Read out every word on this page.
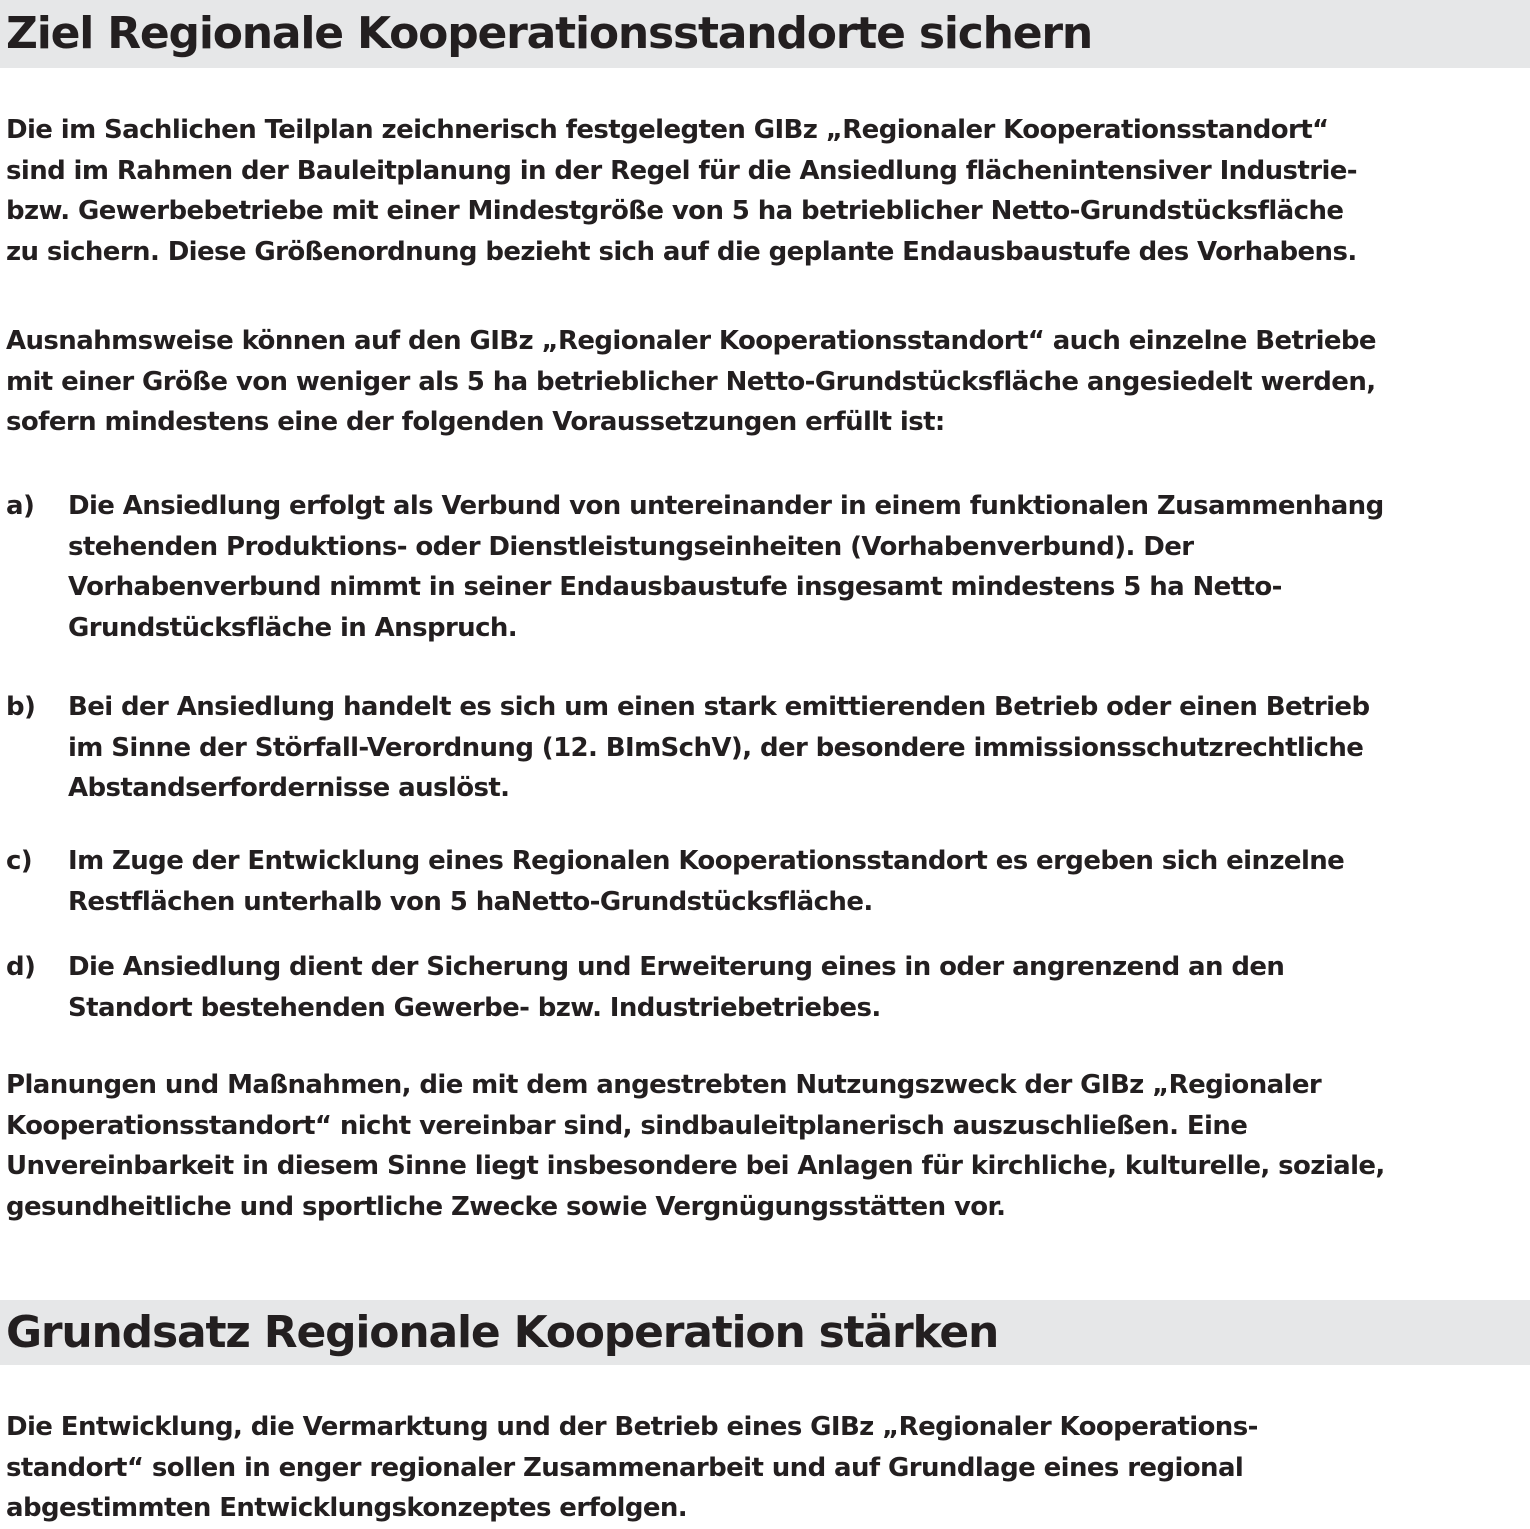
Ziel Regionale Kooperationsstandorte sichern

Die im Sachlichen Teilplan zeichnerisch festgelegten GIBz „Regionaler Kooperationsstandort“
sind im Rahmen der Bauleitplanung in der Regel für die Ansiedlung flächenintensiver Industrie-
bzw. Gewerbebetriebe mit einer Mindestgröße von 5 ha betrieblicher Netto-Grundstücksfläche
zu sichern. Diese Größenordnung bezieht sich auf die geplante Endausbaustufe des Vorhabens.

Ausnahmsweise können auf den GIBz „Regionaler Kooperationsstandort“ auch einzelne Betriebe
mit einer Größe von weniger als 5 ha betrieblicher Netto-Grundstücksfläche angesiedelt werden,
sofern mindestens eine der folgenden Voraussetzungen erfüllt ist:

a) Die Ansiedlung erfolgt als Verbund von untereinander in einem funktionalen Zusammenhang
stehenden Produktions- oder Dienstleistungseinheiten (Vorhabenverbund). Der
Vorhabenverbund nimmt in seiner Endausbaustufe insgesamt mindestens 5 ha Netto-
Grundstücksfläche in Anspruch.
b) Bei der Ansiedlung handelt es sich um einen stark emittierenden Betrieb oder einen Betrieb
im Sinne der Störfall-Verordnung (12. BImSchV), der besondere immissionsschutzrechtliche
Abstandserfordernisse auslöst.
c) Im Zuge der Entwicklung eines Regionalen Kooperationsstandort es ergeben sich einzelne
Restflächen unterhalb von 5 haNetto-Grundstücksfläche.
d) Die Ansiedlung dient der Sicherung und Erweiterung eines in oder angrenzend an den
Standort bestehenden Gewerbe- bzw. Industriebetriebes.

Planungen und Maßnahmen, die mit dem angestrebten Nutzungszweck der GIBz „Regionaler
Kooperationsstandort“ nicht vereinbar sind, sindbauleitplanerisch auszuschließen. Eine
Unvereinbarkeit in diesem Sinne liegt insbesondere bei Anlagen für kirchliche, kulturelle, soziale,
gesundheitliche und sportliche Zwecke sowie Vergnügungsstätten vor.

Grundsatz Regionale Kooperation stärken

Die Entwicklung, die Vermarktung und der Betrieb eines GIBz „Regionaler Kooperations-
standort“ sollen in enger regionaler Zusammenarbeit und auf Grundlage eines regional
abgestimmten Entwicklungskonzeptes erfolgen.
